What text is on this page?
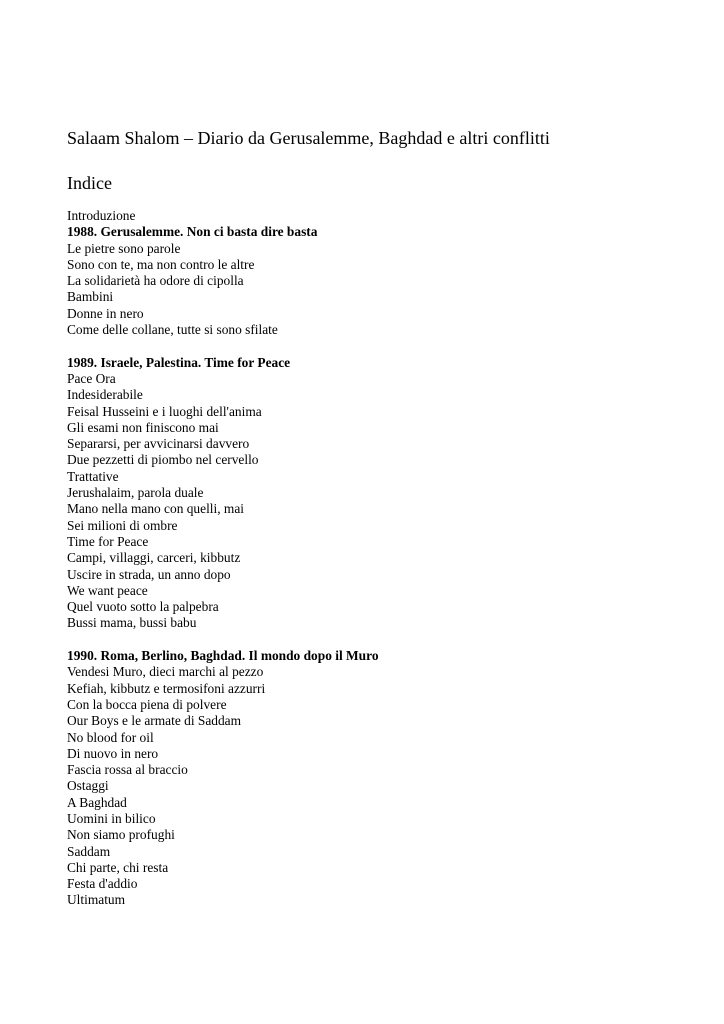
Salaam Shalom – Diario da Gerusalemme, Baghdad e altri conflitti
Indice
Introduzione
1988. Gerusalemme. Non ci basta dire basta
Le pietre sono parole
Sono con te, ma non contro le altre
La solidarietà ha odore di cipolla
Bambini
Donne in nero
Come delle collane, tutte si sono sfilate
1989. Israele, Palestina. Time for Peace
Pace Ora
Indesiderabile
Feisal Husseini e i luoghi dell'anima
Gli esami non finiscono mai
Separarsi, per avvicinarsi davvero
Due pezzetti di piombo nel cervello
Trattative
Jerushalaim, parola duale
Mano nella mano con quelli, mai
Sei milioni di ombre
Time for Peace
Campi, villaggi, carceri, kibbutz
Uscire in strada, un anno dopo
We want peace
Quel vuoto sotto la palpebra
Bussi mama, bussi babu
1990. Roma, Berlino, Baghdad. Il mondo dopo il Muro
Vendesi Muro, dieci marchi al pezzo
Kefiah, kibbutz e termosifoni azzurri
Con la bocca piena di polvere
Our Boys e le armate di Saddam
No blood for oil
Di nuovo in nero
Fascia rossa al braccio
Ostaggi
A Baghdad
Uomini in bilico
Non siamo profughi
Saddam
Chi parte, chi resta
Festa d'addio
Ultimatum
